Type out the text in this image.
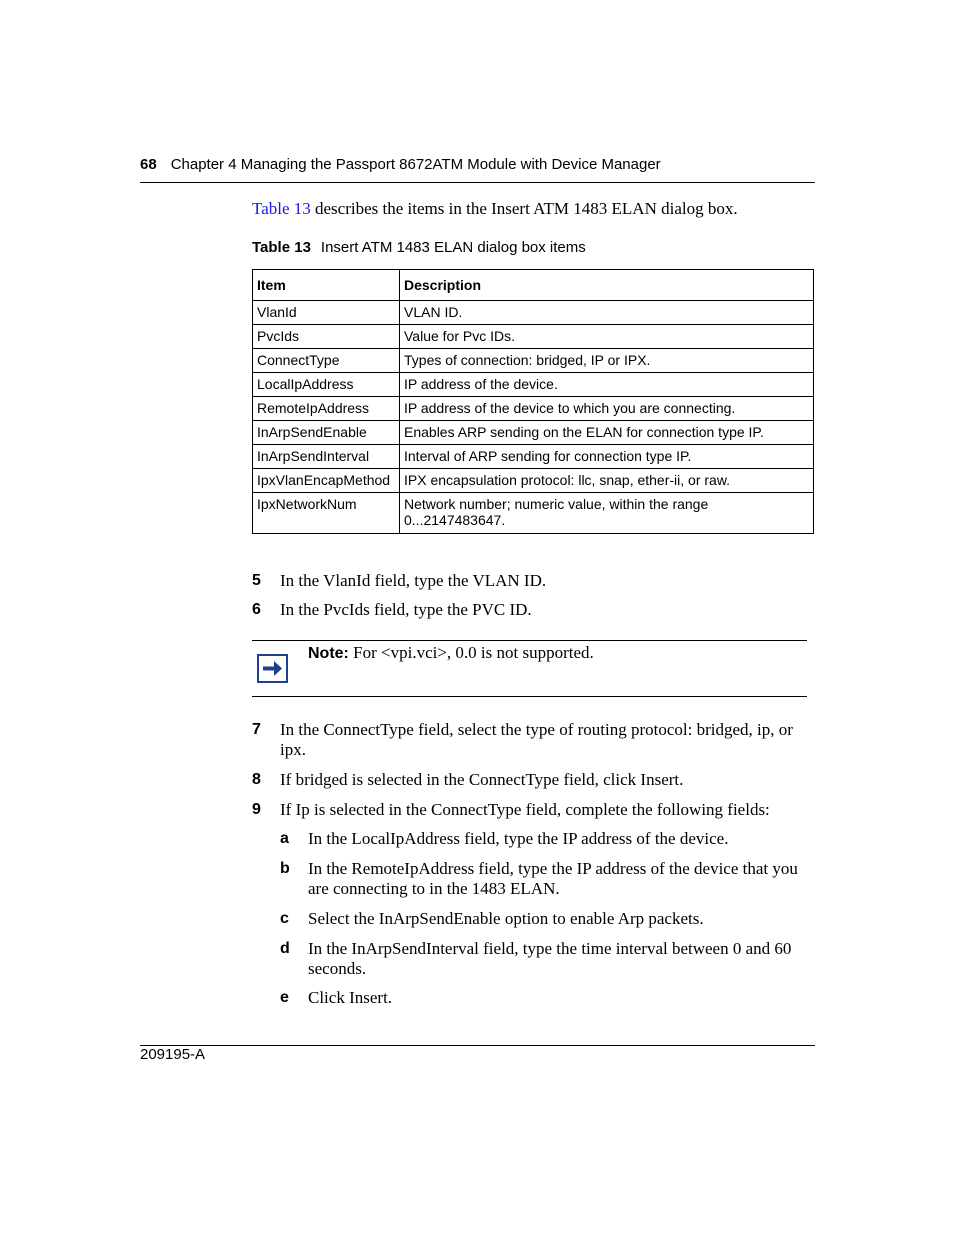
68 Chapter 4 Managing the Passport 8672ATM Module with Device Manager
Table 13 describes the items in the Insert ATM 1483 ELAN dialog box.
Table 13 Insert ATM 1483 ELAN dialog box items
Item	Description
VlanId	VLAN ID.
PvcIds	Value for Pvc IDs.
ConnectType	Types of connection: bridged, IP or IPX.
LocalIpAddress	IP address of the device.
RemoteIpAddress	IP address of the device to which you are connecting.
InArpSendEnable	Enables ARP sending on the ELAN for connection type IP.
InArpSendInterval	Interval of ARP sending for connection type IP.
IpxVlanEncapMethod	IPX encapsulation protocol: llc, snap, ether-ii, or raw.
IpxNetworkNum	Network number; numeric value, within the range 0...2147483647.
5 In the VlanId field, type the VLAN ID.
6 In the PvcIds field, type the PVC ID.
Note: For <vpi.vci>, 0.0 is not supported.
7 In the ConnectType field, select the type of routing protocol: bridged, ip, or ipx.
8 If bridged is selected in the ConnectType field, click Insert.
9 If Ip is selected in the ConnectType field, complete the following fields:
a In the LocalIpAddress field, type the IP address of the device.
b In the RemoteIpAddress field, type the IP address of the device that you are connecting to in the 1483 ELAN.
c Select the InArpSendEnable option to enable Arp packets.
d In the InArpSendInterval field, type the time interval between 0 and 60 seconds.
e Click Insert.
209195-A
